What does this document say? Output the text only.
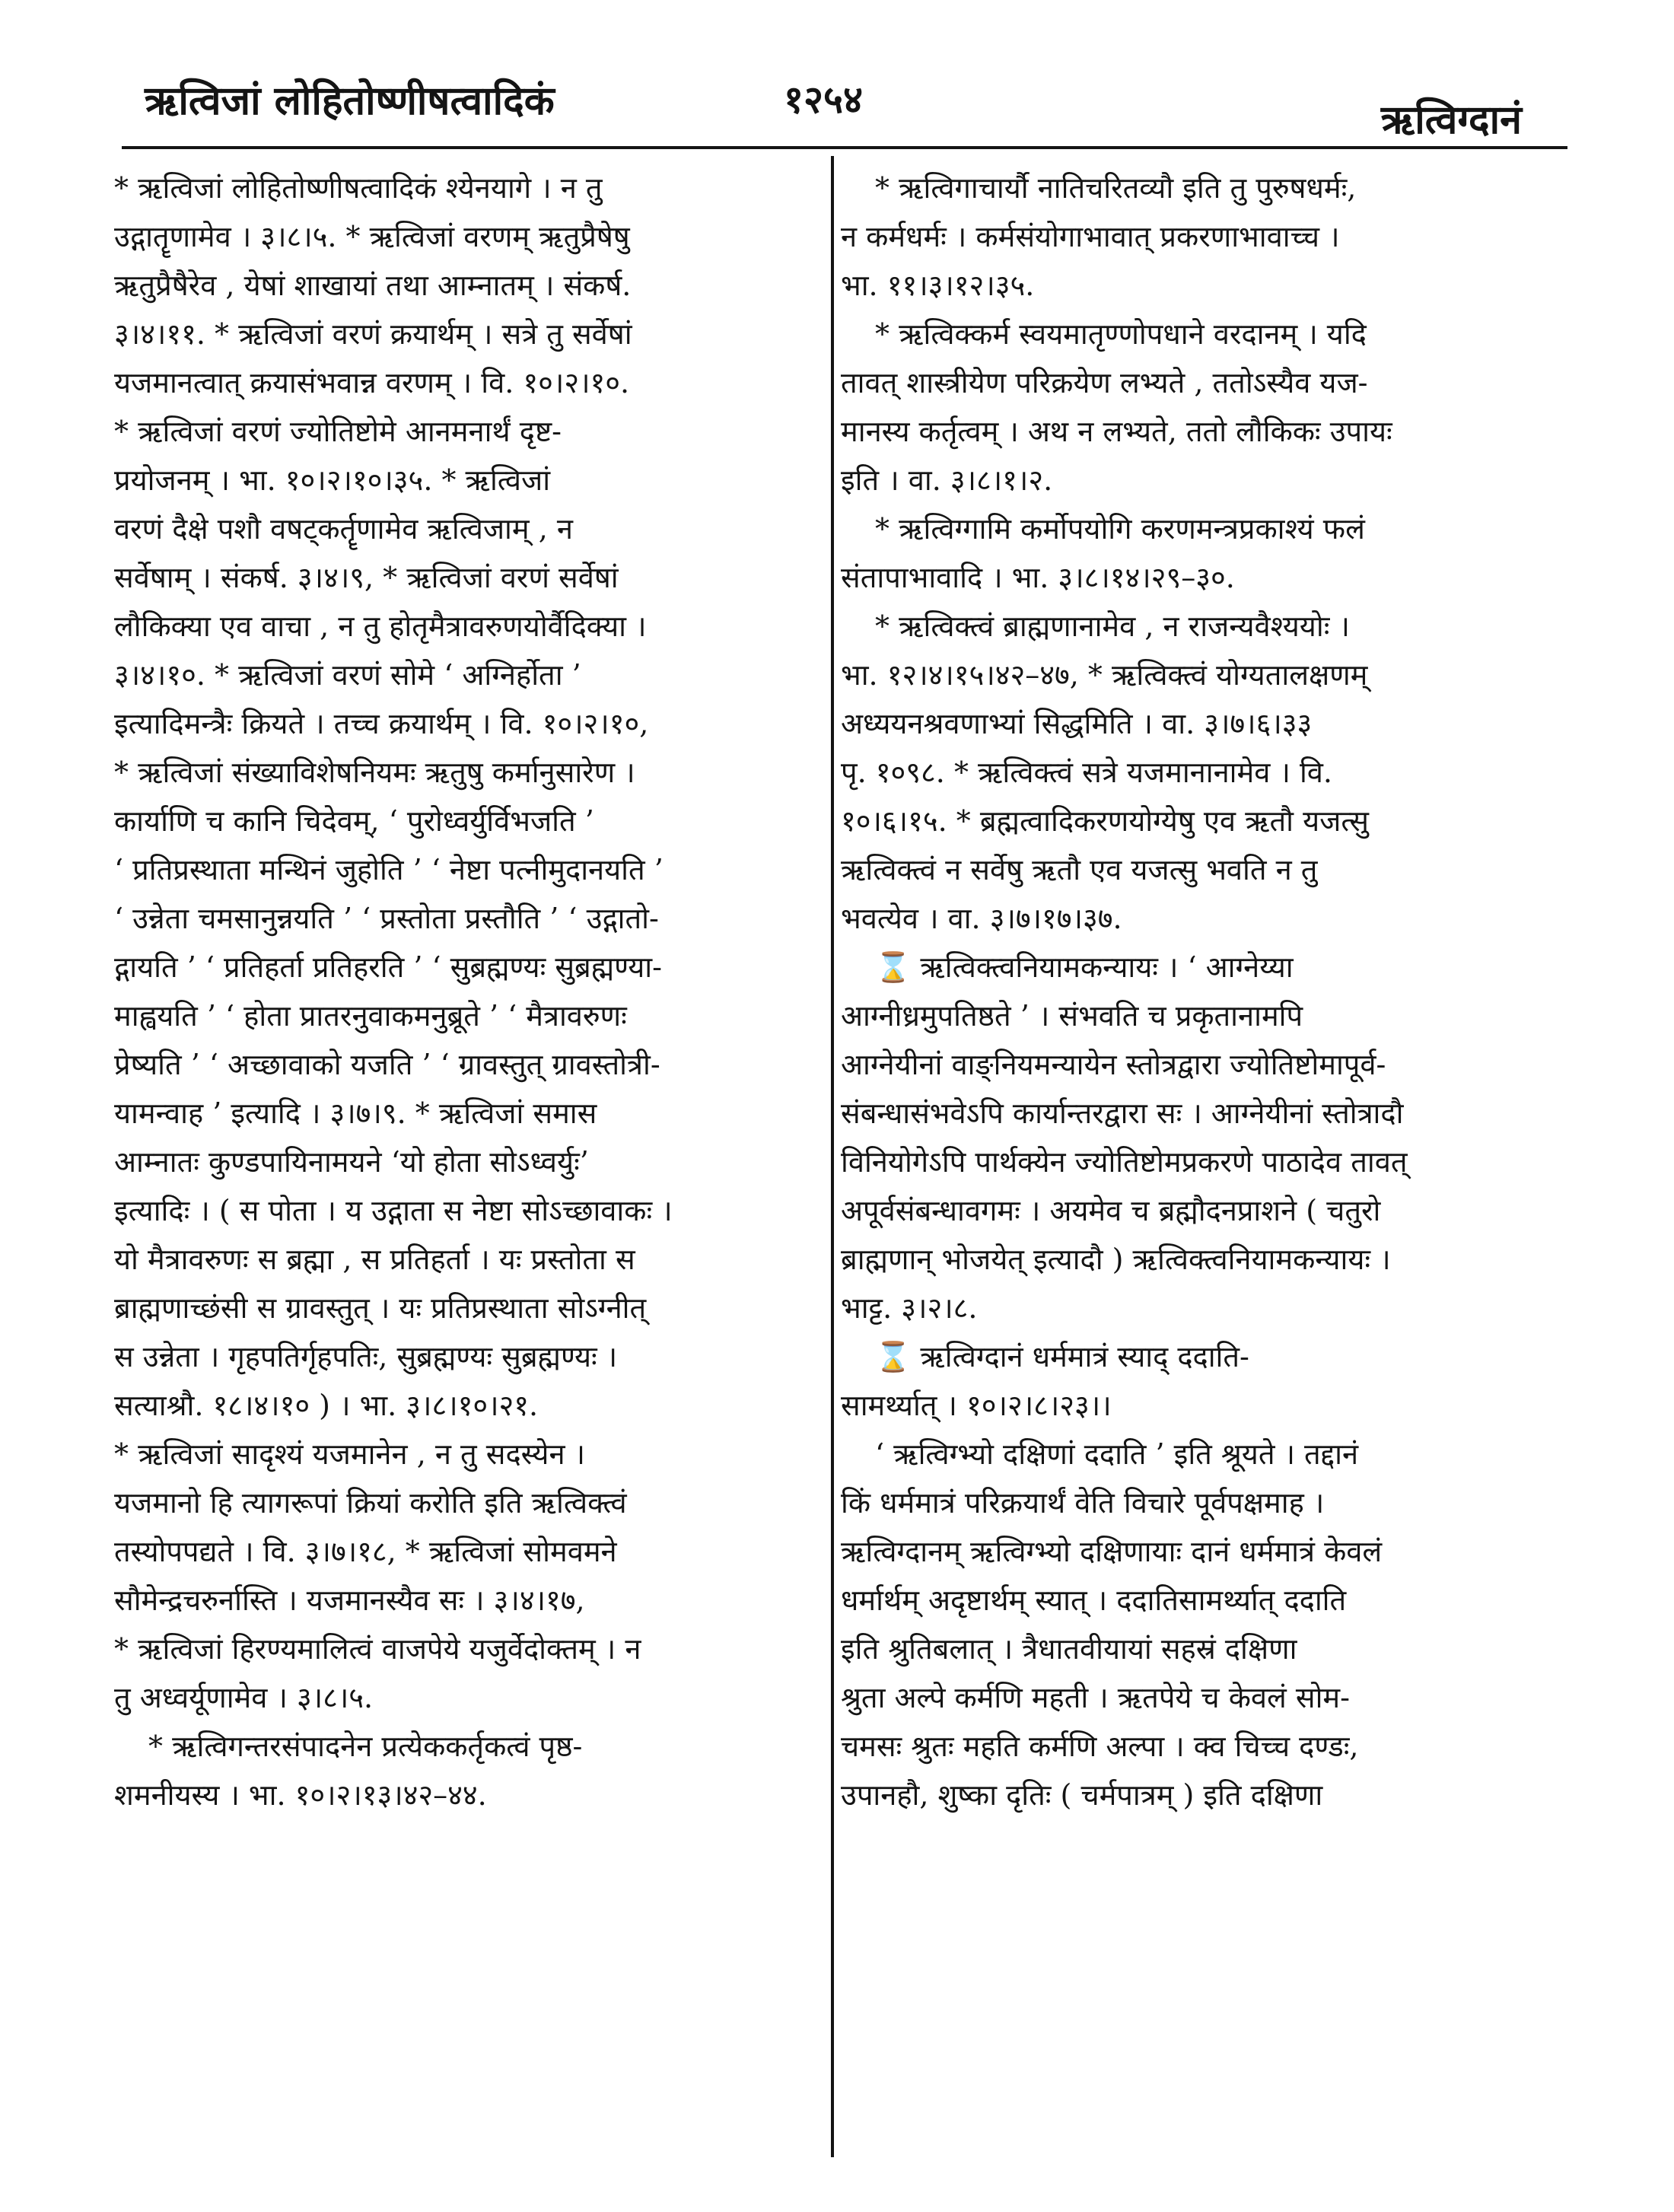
ऋत्विजां लोहितोष्णीषत्वादिकं	१२५४	ऋत्विग्दानं
* ऋत्विजां लोहितोष्णीषत्वादिकं श्येनयागे । न तु
उद्गातॄणामेव । ३।८।५. * ऋत्विजां वरणम् ऋतुप्रैषेषु
ऋतुप्रैषैरेव , येषां शाखायां तथा आम्नातम् । संकर्ष.
३।४।११. * ऋत्विजां वरणं क्रयार्थम् । सत्रे तु सर्वेषां
यजमानत्वात् क्रयासंभवान्न वरणम् । वि. १०।२।१०.
* ऋत्विजां वरणं ज्योतिष्टोमे आनमनार्थं दृष्ट-
प्रयोजनम् । भा. १०।२।१०।३५. * ऋत्विजां
वरणं दैक्षे पशौ वषट्कर्तॄणामेव ऋत्विजाम् , न
सर्वेषाम् । संकर्ष. ३।४।९, * ऋत्विजां वरणं सर्वेषां
लौकिक्या एव वाचा , न तु होतृमैत्रावरुणयोर्वैदिक्या ।
३।४।१०. * ऋत्विजां वरणं सोमे ‘ अग्निर्होता ’
इत्यादिमन्त्रैः क्रियते । तच्च क्रयार्थम् । वि. १०।२।१०,
* ऋत्विजां संख्याविशेषनियमः ऋतुषु कर्मानुसारेण ।
कार्याणि च कानि चिदेवम्, ‘ पुरोध्वर्युर्विभजति ’
‘ प्रतिप्रस्थाता मन्थिनं जुहोति ’ ‘ नेष्टा पत्नीमुदानयति ’
‘ उन्नेता चमसानुन्नयति ’ ‘ प्रस्तोता प्रस्तौति ’ ‘ उद्गातो-
द्गायति ’ ‘ प्रतिहर्ता प्रतिहरति ’ ‘ सुब्रह्मण्यः सुब्रह्मण्या-
माह्वयति ’ ‘ होता प्रातरनुवाकमनुब्रूते ’ ‘ मैत्रावरुणः
प्रेष्यति ’ ‘ अच्छावाको यजति ’ ‘ ग्रावस्तुत् ग्रावस्तोत्री-
यामन्वाह ’ इत्यादि । ३।७।९. * ऋत्विजां समास
आम्नातः कुण्डपायिनामयने ‘यो होता सोऽध्वर्युः’
इत्यादिः । ( स पोता । य उद्गाता स नेष्टा सोऽच्छावाकः ।
यो मैत्रावरुणः स ब्रह्मा , स प्रतिहर्ता । यः प्रस्तोता स
ब्राह्मणाच्छंसी स ग्रावस्तुत् । यः प्रतिप्रस्थाता सोऽग्नीत्
स उन्नेता । गृहपतिर्गृहपतिः, सुब्रह्मण्यः सुब्रह्मण्यः ।
सत्याश्रौ. १८।४।१० ) । भा. ३।८।१०।२१.
* ऋत्विजां सादृश्यं यजमानेन , न तु सदस्येन ।
यजमानो हि त्यागरूपां क्रियां करोति इति ऋत्विक्त्वं
तस्योपपद्यते । वि. ३।७।१८, * ऋत्विजां सोमवमने
सौमेन्द्रचरुर्नास्ति । यजमानस्यैव सः । ३।४।१७,
* ऋत्विजां हिरण्यमालित्वं वाजपेये यजुर्वेदोक्तम् । न
तु अध्वर्यूणामेव । ३।८।५.
* ऋत्विगन्तरसंपादनेन प्रत्येककर्तृकत्वं पृष्ठ-
शमनीयस्य । भा. १०।२।१३।४२–४४.
* ऋत्विगाचार्यौ नातिचरितव्यौ इति तु पुरुषधर्मः,
न कर्मधर्मः । कर्मसंयोगाभावात् प्रकरणाभावाच्च ।
भा. ११।३।१२।३५.
* ऋत्विक्कर्म स्वयमातृण्णोपधाने वरदानम् । यदि
तावत् शास्त्रीयेण परिक्रयेण लभ्यते , ततोऽस्यैव यज-
मानस्य कर्तृत्वम् । अथ न लभ्यते, ततो लौकिकः उपायः
इति । वा. ३।८।१।२.
* ऋत्विग्गामि कर्मोपयोगि करणमन्त्रप्रकाश्यं फलं
संतापाभावादि । भा. ३।८।१४।२९–३०.
* ऋत्विक्त्वं ब्राह्मणानामेव , न राजन्यवैश्ययोः ।
भा. १२।४।१५।४२–४७, * ऋत्विक्त्वं योग्यतालक्षणम्
अध्ययनश्रवणाभ्यां सिद्धमिति । वा. ३।७।६।३३
पृ. १०९८. * ऋत्विक्त्वं सत्रे यजमानानामेव । वि.
१०।६।१५. * ब्रह्मत्वादिकरणयोग्येषु एव ऋतौ यजत्सु
ऋत्विक्त्वं न सर्वेषु ऋतौ एव यजत्सु भवति न तु
भवत्येव । वा. ३।७।१७।३७.
⌛ ऋत्विक्त्वनियामकन्यायः । ‘ आग्नेय्या
आग्नीध्रमुपतिष्ठते ’ । संभवति च प्रकृतानामपि
आग्नेयीनां वाङ्नियमन्यायेन स्तोत्रद्वारा ज्योतिष्टोमापूर्व-
संबन्धासंभवेऽपि कार्यान्तरद्वारा सः । आग्नेयीनां स्तोत्रादौ
विनियोगेऽपि पार्थक्येन ज्योतिष्टोमप्रकरणे पाठादेव तावत्
अपूर्वसंबन्धावगमः । अयमेव च ब्रह्मौदनप्राशने ( चतुरो
ब्राह्मणान् भोजयेत् इत्यादौ ) ऋत्विक्त्वनियामकन्यायः ।
भाट्ट. ३।२।८.
⌛ ऋत्विग्दानं धर्ममात्रं स्याद् ददाति-
सामर्थ्यात् । १०।२।८।२३।।
‘ ऋत्विग्भ्यो दक्षिणां ददाति ’ इति श्रूयते । तद्दानं
किं धर्ममात्रं परिक्रयार्थं वेति विचारे पूर्वपक्षमाह ।
ऋत्विग्दानम् ऋत्विग्भ्यो दक्षिणायाः दानं धर्ममात्रं केवलं
धर्मार्थम् अदृष्टार्थम् स्यात् । ददातिसामर्थ्यात् ददाति
इति श्रुतिबलात् । त्रैधातवीयायां सहस्रं दक्षिणा
श्रुता अल्पे कर्मणि महती । ऋतपेये च केवलं सोम-
चमसः श्रुतः महति कर्मणि अल्पा । क्व चिच्च दण्डः,
उपानहौ, शुष्का दृतिः ( चर्मपात्रम् ) इति दक्षिणा
